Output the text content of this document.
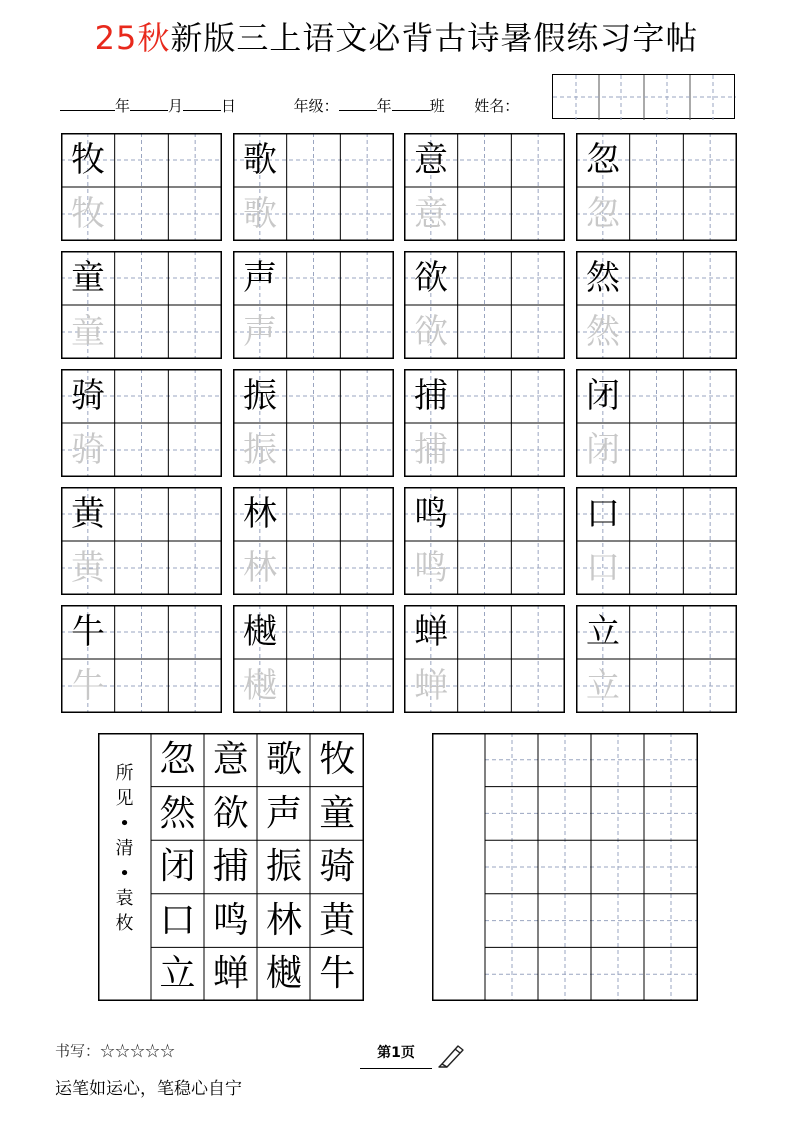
25秋新版三上语文必背古诗暑假练习字帖
年	月	日	年级：	年	班 姓名：
牧
牧
歌
歌
意
意
忽
忽
童
童
声
声
欲
欲
然
然
骑
骑
振
振
捕
捕
闭
闭
黄
黄
林
林
鸣
鸣
口
口
牛
牛
樾
樾
蝉
蝉
立
立
所
见
•
清
•
袁
枚
忽 意 歌 牧
然 欲 声 童
闭 捕 振 骑
口 鸣 林 黄
立 蝉 樾 牛
书写：☆☆☆☆☆	第1页
运笔如运心，笔稳心自宁
